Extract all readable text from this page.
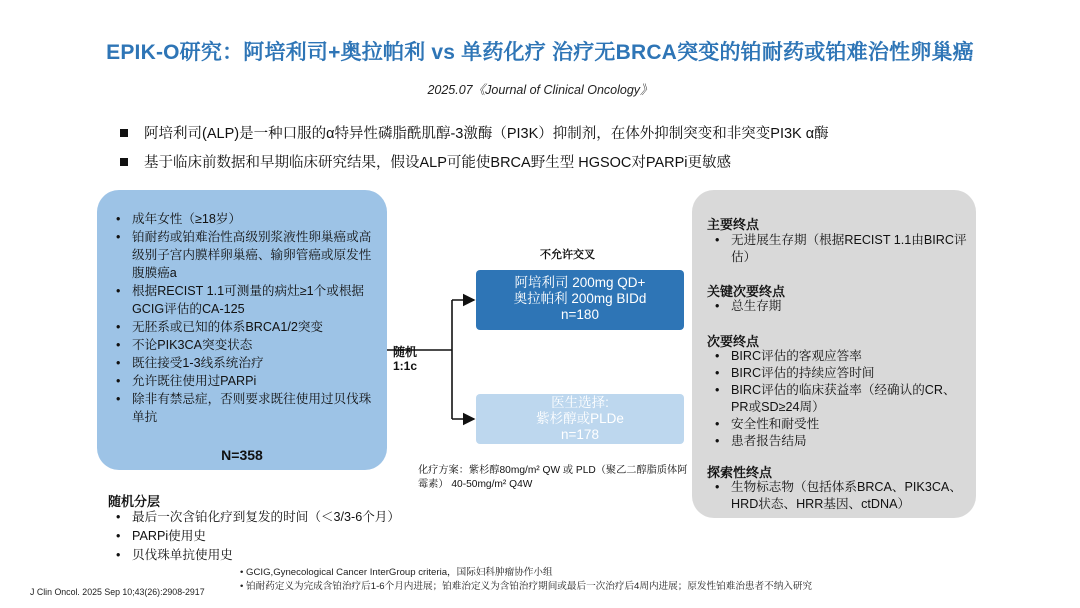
EPIK-O研究：阿培利司+奥拉帕利 vs 单药化疗 治疗无BRCA突变的铂耐药或铂难治性卵巢癌
2025.07《Journal of Clinical Oncology》
阿培利司(ALP)是一种口服的α特异性磷脂酰肌醇-3激酶（PI3K）抑制剂，在体外抑制突变和非突变PI3K α酶
基于临床前数据和早期临床研究结果，假设ALP可能使BRCA野生型 HGSOC对PARPi更敏感
• 成年女性（≥18岁）
• 铂耐药或铂难治性高级别浆液性卵巢癌或高级别子宫内膜样卵巢癌、输卵管癌或原发性腹膜癌a
• 根据RECIST 1.1可测量的病灶≥1个或根据GCIG评估的CA-125
• 无胚系或已知的体系BRCA1/2突变
• 不论PIK3CA突变状态
• 既往接受1-3线系统治疗
• 允许既往使用过PARPi
• 除非有禁忌症，否则要求既往使用过贝伐珠单抗
N=358
随机分层
• 最后一次含铂化疗到复发的时间（＜3/3-6个月）
• PARPi使用史
• 贝伐珠单抗使用史
随机
1:1c
不允许交叉
阿培利司 200mg QD+
奥拉帕利 200mg BIDd
n=180
医生选择:
紫杉醇或PLDe
n=178
化疗方案：紫杉醇80mg/m² QW 或 PLD（聚乙二醇脂质体阿霉素） 40-50mg/m² Q4W
主要终点
• 无进展生存期（根据RECIST 1.1由BIRC评估）
关键次要终点
• 总生存期
次要终点
• BIRC评估的客观应答率
• BIRC评估的持续应答时间
• BIRC评估的临床获益率（经确认的CR、PR或SD≥24周）
• 安全性和耐受性
• 患者报告结局
探索性终点
• 生物标志物（包括体系BRCA、PIK3CA、HRD状态、HRR基因、ctDNA）
J Clin Oncol. 2025 Sep 10;43(26):2908-2917
• GCIG,Gynecological Cancer InterGroup criteria，国际妇科肿瘤协作小组
• 铂耐药定义为完成含铂治疗后1-6个月内进展；铂难治定义为含铂治疗期间或最后一次治疗后4周内进展；原发性铂难治患者不纳入研究
